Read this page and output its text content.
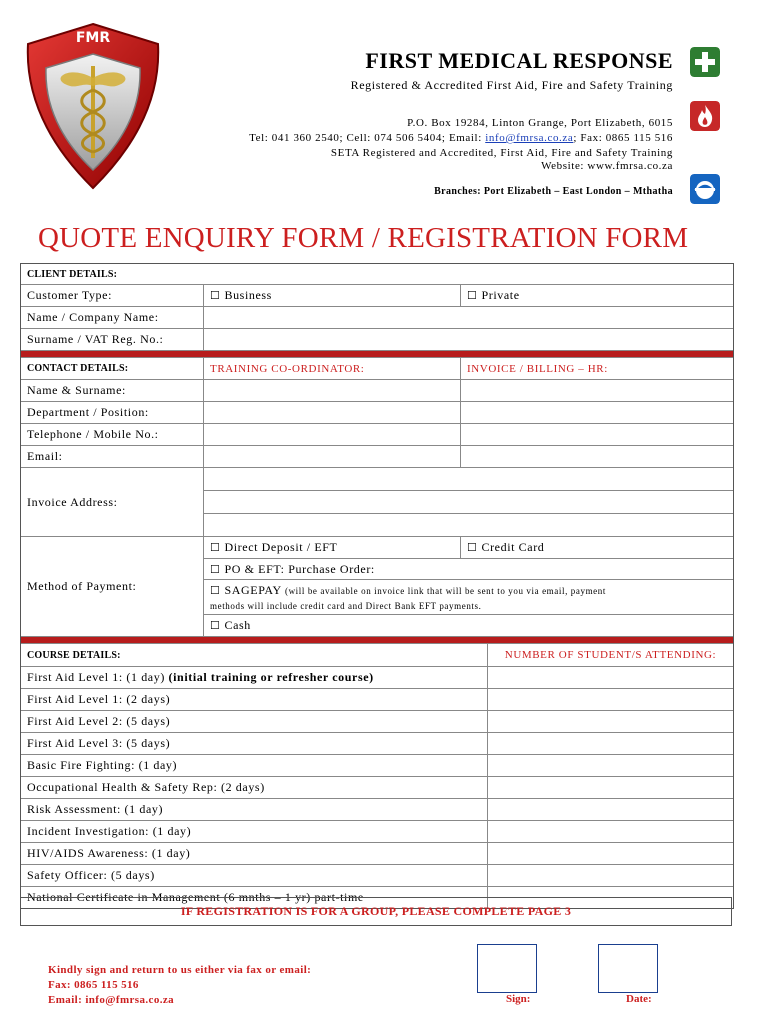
FMR
FIRST MEDICAL RESPONSE
Registered & Accredited First Aid, Fire and Safety Training
P.O. Box 19284, Linton Grange, Port Elizabeth, 6015
Tel: 041 360 2540; Cell: 074 506 5404; Email: info@fmrsa.co.za; Fax: 0865 115 516
SETA Registered and Accredited, First Aid, Fire and Safety Training
Website: www.fmrsa.co.za
Branches: Port Elizabeth – East London – Mthatha
QUOTE ENQUIRY FORM / REGISTRATION FORM
CLIENT DETAILS:
Customer Type:	☐ Business	☐ Private
Name / Company Name:
Surname / VAT Reg. No.:
CONTACT DETAILS:	TRAINING CO-ORDINATOR:	INVOICE / BILLING – HR:
Name & Surname:
Department / Position:
Telephone / Mobile No.:
Email:
Invoice Address:
Method of Payment:
☐ Direct Deposit / EFT	☐ Credit Card
☐ PO & EFT: Purchase Order:
☐ SAGEPAY (will be available on invoice link that will be sent to you via email, payment
methods will include credit card and Direct Bank EFT payments.
☐ Cash
COURSE DETAILS:	NUMBER OF STUDENT/S ATTENDING:
First Aid Level 1: (1 day)
(initial training or refresher course)
First Aid Level 1: (2 days)
First Aid Level 2: (5 days)
First Aid Level 3: (5 days)
Basic Fire Fighting: (1 day)
Occupational Health & Safety Rep: (2 days)
Risk Assessment: (1 day)
Incident Investigation: (1 day)
HIV/AIDS Awareness: (1 day)
Safety Officer: (5 days)
National Certificate in Management (6 mnths – 1 yr) part-time
IF REGISTRATION IS FOR A GROUP, PLEASE COMPLETE PAGE 3
Kindly sign and return to us either via fax or email:
Fax: 0865 115 516
Email: info@fmrsa.co.za	Sign:	Date:
